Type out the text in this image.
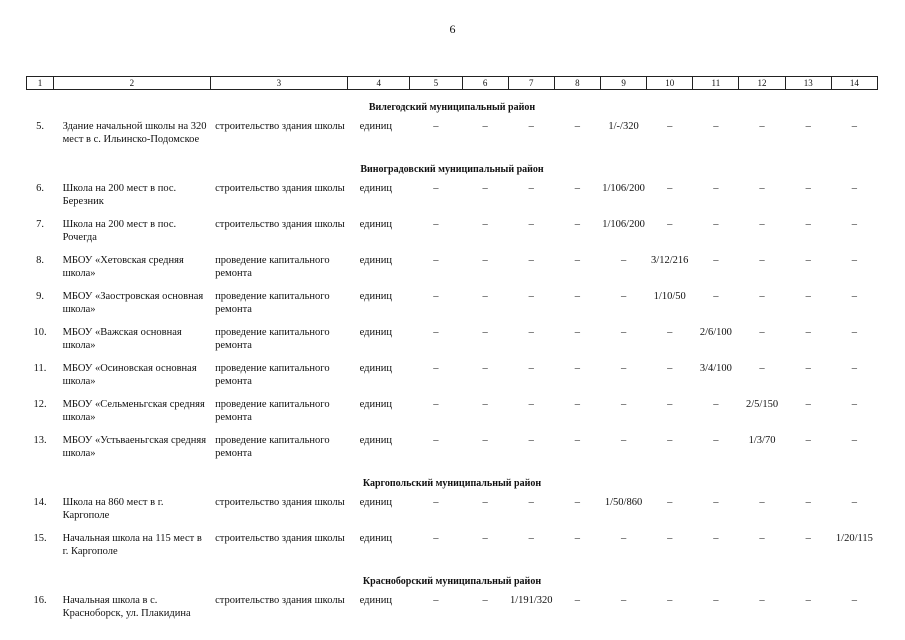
6
1	2	3	4	5	6	7	8	9	10	11	12	13	14
Вилегодский муниципальный район													
5.	Здание начальной школы на 320 мест в с. Ильинско-Подомское	строительство здания школы	единиц	–	–	–	–	1/-/320	–	–	–	–	–
Виноградовский муниципальный район													
6.	Школа на 200 мест в пос. Березник	строительство здания школы	единиц	–	–	–	–	1/106/200	–	–	–	–	–
7.	Школа на 200 мест в пос. Рочегда	строительство здания школы	единиц	–	–	–	–	1/106/200	–	–	–	–	–
8.	МБОУ «Хетовская средняя школа»	проведение капитального ремонта	единиц	–	–	–	–	–	3/12/216	–	–	–	–
9.	МБОУ «Заостровская основная школа»	проведение капитального ремонта	единиц	–	–	–	–	–	1/10/50	–	–	–	–
10.	МБОУ «Важская основная школа»	проведение капитального ремонта	единиц	–	–	–	–	–	–	2/6/100	–	–	–
11.	МБОУ «Осиновская основная школа»	проведение капитального ремонта	единиц	–	–	–	–	–	–	3/4/100	–	–	–
12.	МБОУ «Сельменьгская средняя школа»	проведение капитального ремонта	единиц	–	–	–	–	–	–	–	2/5/150	–	–
13.	МБОУ «Устьваеньгская средняя школа»	проведение капитального ремонта	единиц	–	–	–	–	–	–	–	1/3/70	–	–
Каргопольский муниципальный район													
14.	Школа на 860 мест в г. Каргополе	строительство здания школы	единиц	–	–	–	–	1/50/860	–	–	–	–	–
15.	Начальная школа на 115 мест в г. Каргополе	строительство здания школы	единиц	–	–	–	–	–	–	–	–	–	1/20/115
Красноборский муниципальный район													
16.	Начальная школа в с. Красноборск, ул. Плакидина	строительство здания школы	единиц	–	–	1/191/320	–	–	–	–	–	–	–
